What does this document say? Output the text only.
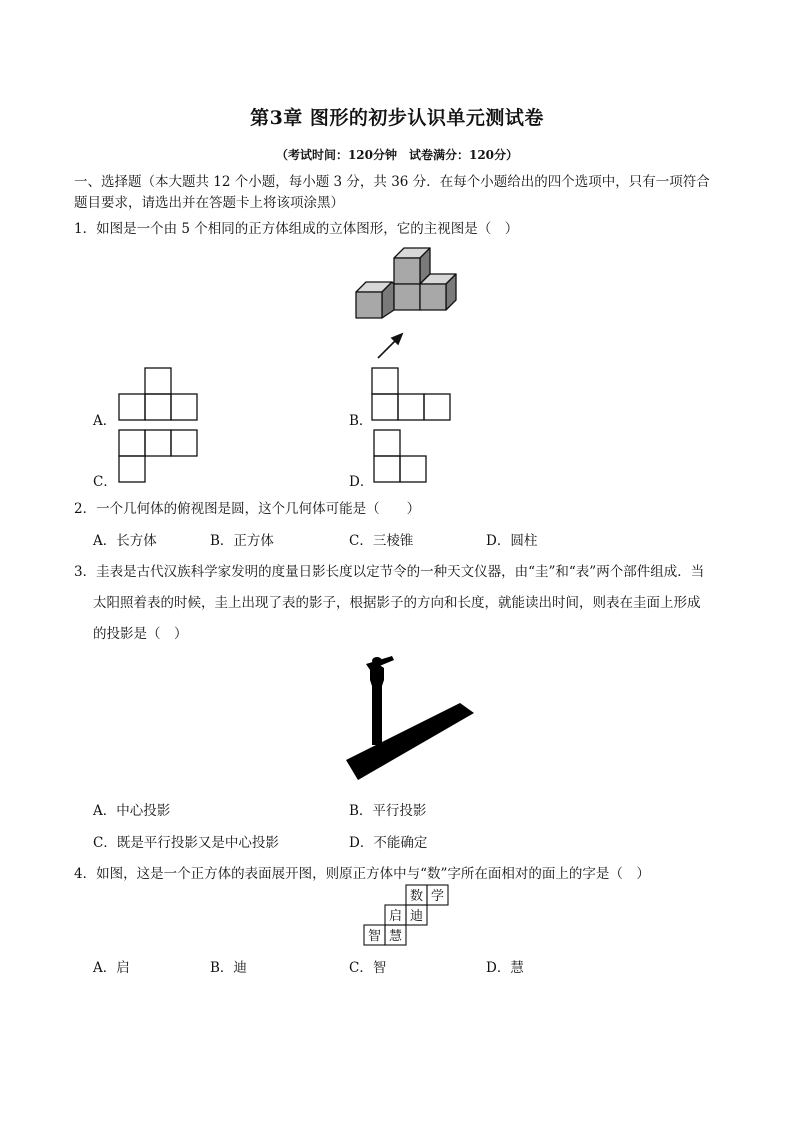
第3章 图形的初步认识单元测试卷
（考试时间：120分钟　试卷满分：120分）
一、选择题（本大题共 12 个小题，每小题 3 分，共 36 分．在每个小题给出的四个选项中，只有一项符合
题目要求，请选出并在答题卡上将该项涂黑）
1．如图是一个由 5 个相同的正方体组成的立体图形，它的主视图是（　）
A．	B．
C．	D．
2．一个几何体的俯视图是圆，这个几何体可能是（　　）
A．长方体	B．正方体	C．三棱锥	D．圆柱
3．圭表是古代汉族科学家发明的度量日影长度以定节令的一种天文仪器，由“圭”和“表”两个部件组成．当
太阳照着表的时候，圭上出现了表的影子，根据影子的方向和长度，就能读出时间，则表在圭面上形成
的投影是（　）
A．中心投影	B．平行投影
C．既是平行投影又是中心投影	D．不能确定
4．如图，这是一个正方体的表面展开图，则原正方体中与“数”字所在面相对的面上的字是（　）
数 学
启 迪
智 慧
A．启	B．迪	C．智	D．慧
